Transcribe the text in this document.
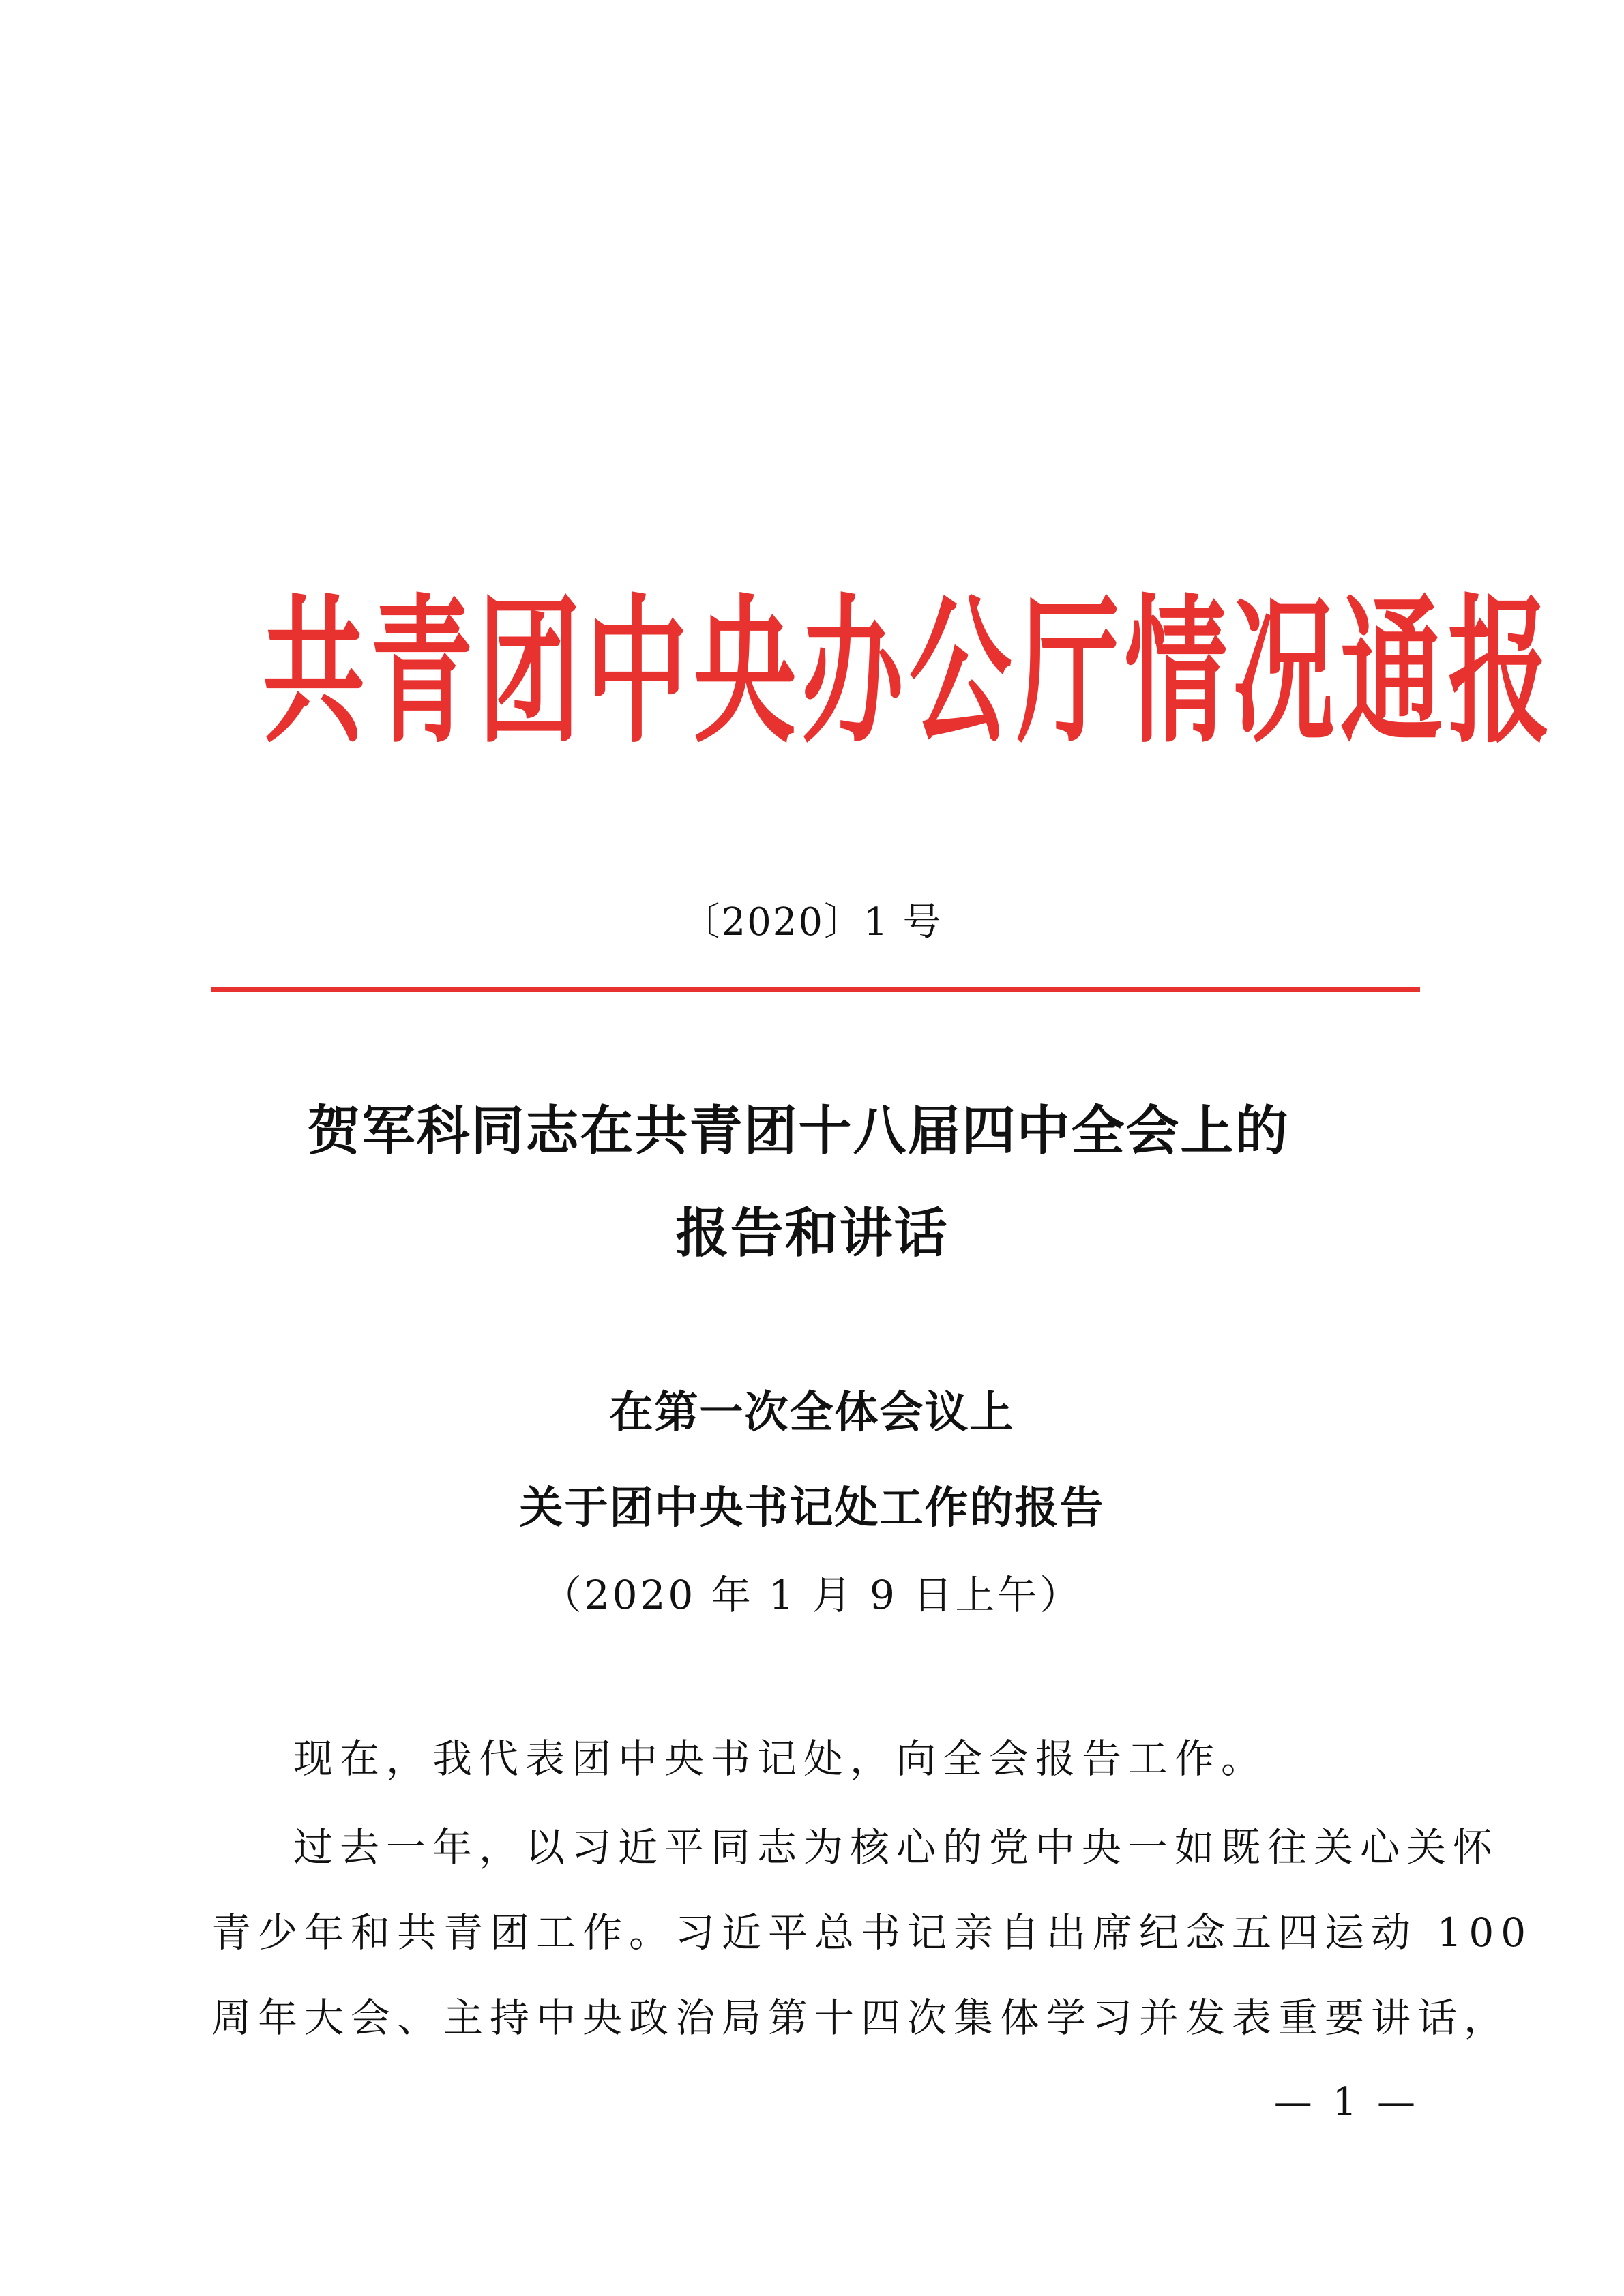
共青团中央办公厅情况通报
〔2020〕1 号
贺军科同志在共青团十八届四中全会上的
报告和讲话
在第一次全体会议上
关于团中央书记处工作的报告
（2020 年 1 月 9 日上午）
现在，我代表团中央书记处，向全会报告工作。
过去一年，以习近平同志为核心的党中央一如既往关心关怀
青少年和共青团工作。习近平总书记亲自出席纪念五四运动 100
周年大会、主持中央政治局第十四次集体学习并发表重要讲话，
— 1 —
